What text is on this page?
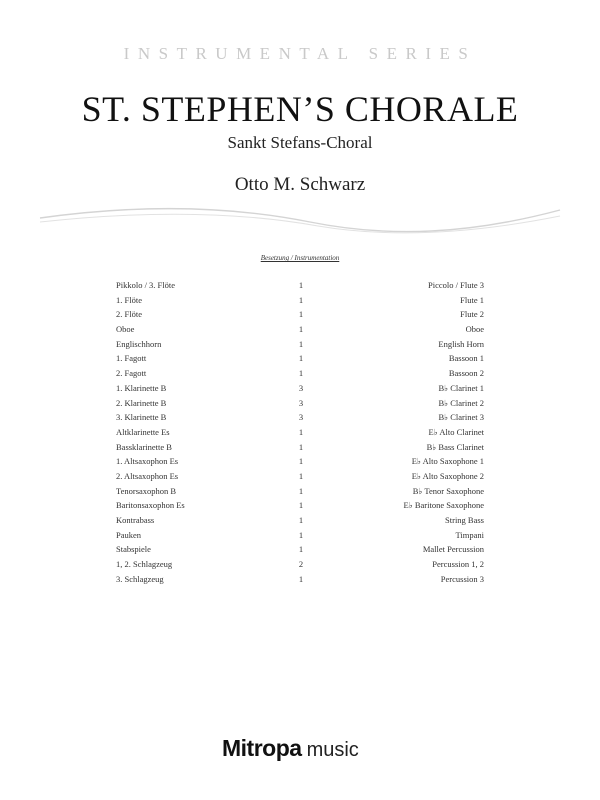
INSTRUMENTAL SERIES
ST. STEPHEN’S CHORALE
Sankt Stefans-Choral
Otto M. Schwarz
Besetzung / Instrumentation
Pikkolo / 3. Flöte	1	Piccolo / Flute 3
1. Flöte	1	Flute 1
2. Flöte	1	Flute 2
Oboe	1	Oboe
Englischhorn	1	English Horn
1. Fagott	1	Bassoon 1
2. Fagott	1	Bassoon 2
1. Klarinette B	3	B♭ Clarinet 1
2. Klarinette B	3	B♭ Clarinet 2
3. Klarinette B	3	B♭ Clarinet 3
Altklarinette Es	1	E♭ Alto Clarinet
Bassklarinette B	1	B♭ Bass Clarinet
1. Altsaxophon Es	1	E♭ Alto Saxophone 1
2. Altsaxophon Es	1	E♭ Alto Saxophone 2
Tenorsaxophon B	1	B♭ Tenor Saxophone
Baritonsaxophon Es	1	E♭ Baritone Saxophone
Kontrabass	1	String Bass
Pauken	1	Timpani
Stabspiele	1	Mallet Percussion
1, 2. Schlagzeug	2	Percussion 1, 2
3. Schlagzeug	1	Percussion 3
Mitropa music
